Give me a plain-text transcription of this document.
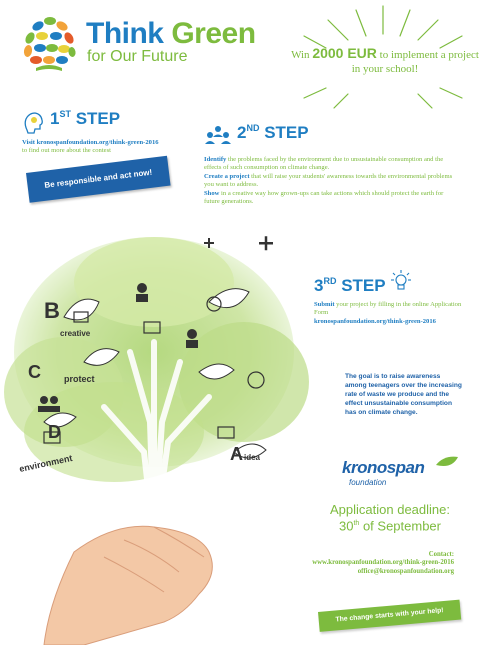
Think Green
for Our Future	Win 2000 EUR to implement a project in your school!
1ST STEP
Visit kronospanfoundation.org/think-green-2016
to find out more about the contest
Be responsible and act now!
2ND STEP
Identify the problems faced by the environment due to unsustainable consumption and the effects of such consumption on climate change.
Create a project that will raise your students' awareness towards the environmental problems you want to address.
Show in a creative way how grown-ups can take actions which should protect the earth for future generations.
B
creative
C	protect
D
environment	A idea
3RD STEP
Submit your project by filling in the online Application Form
kronospanfoundation.org/think-green-2016
The goal is to raise awareness among teenagers over the increasing rate of waste we produce and the effect unsustainable consumption has on climate change.
kronospan
foundation
Application deadline:
30th of September
Contact:
www.kronospanfoundation.org/think-green-2016
office@kronospanfoundation.org
The change starts with your help!
